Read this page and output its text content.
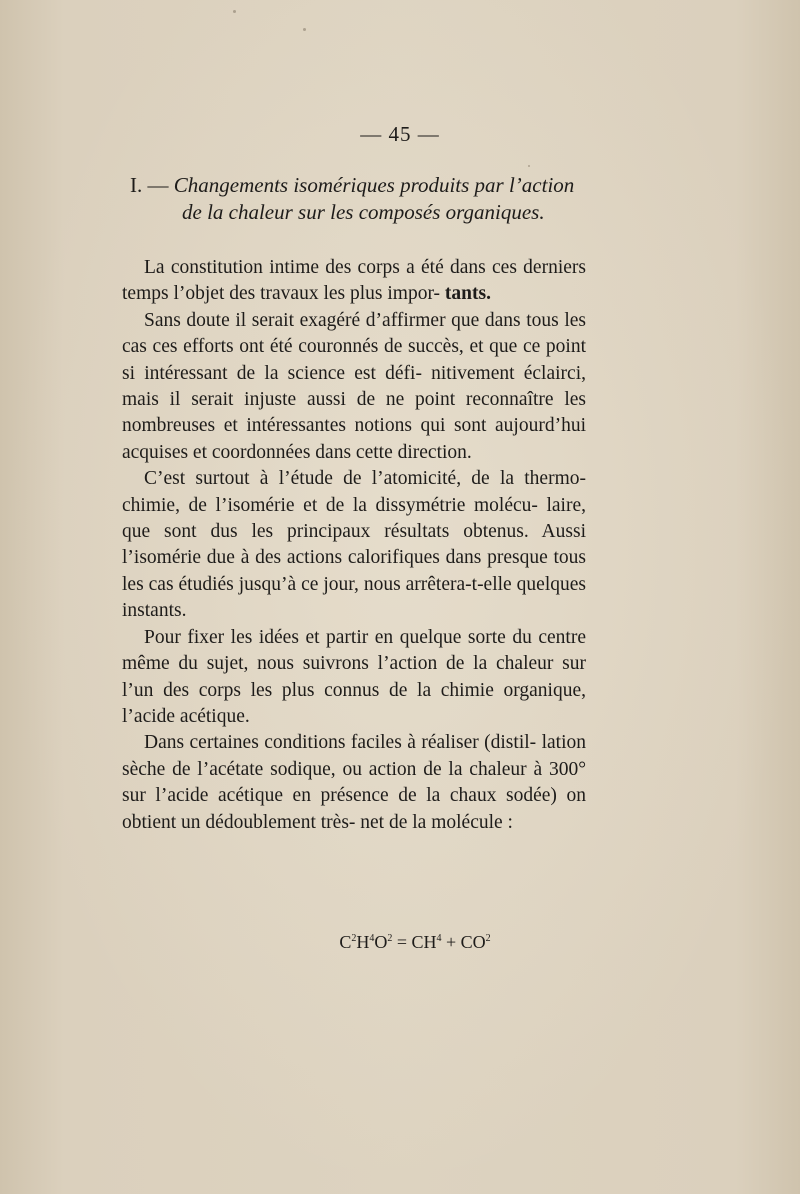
— 45 —
I. — Changements isomériques produits par l’action
de la chaleur sur les composés organiques.

La constitution intime des corps a été dans ces derniers temps l’objet des travaux les plus impor- tants.

Sans doute il serait exagéré d’affirmer que dans tous les cas ces efforts ont été couronnés de succès, et que ce point si intéressant de la science est défi- nitivement éclairci, mais il serait injuste aussi de ne point reconnaître les nombreuses et intéressantes notions qui sont aujourd’hui acquises et coordonnées dans cette direction.

C’est surtout à l’étude de l’atomicité, de la thermo- chimie, de l’isomérie et de la dissymétrie molécu- laire, que sont dus les principaux résultats obtenus. Aussi l’isomérie due à des actions calorifiques dans presque tous les cas étudiés jusqu’à ce jour, nous arrêtera-t-elle quelques instants.

Pour fixer les idées et partir en quelque sorte du centre même du sujet, nous suivrons l’action de la chaleur sur l’un des corps les plus connus de la chimie organique, l’acide acétique.

Dans certaines conditions faciles à réaliser (distil- lation sèche de l’acétate sodique, ou action de la chaleur à 300° sur l’acide acétique en présence de la chaux sodée) on obtient un dédoublement très- net de la molécule :

$C^2H^4O^2 = CH^4 + CO^2$
